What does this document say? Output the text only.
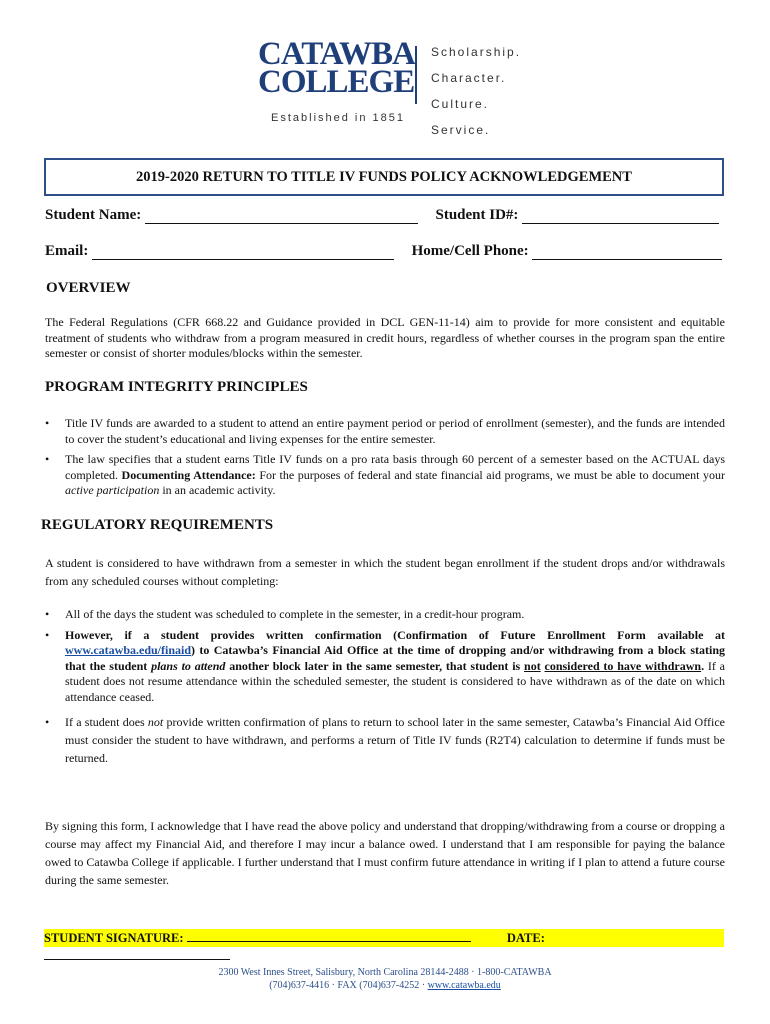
CATAWBA
COLLEGE
Established in 1851
Scholarship.
Character.
Culture.
Service.
2019-2020 RETURN TO TITLE IV FUNDS POLICY ACKNOWLEDGEMENT
Student Name:	Student ID#:
Email:	Home/Cell Phone:
OVERVIEW
The Federal Regulations (CFR 668.22 and Guidance provided in DCL GEN-11-14) aim to provide for more consistent and equitable treatment of students who withdraw from a program measured in credit hours, regardless of whether courses in the program span the entire semester or consist of shorter modules/blocks within the semester.
PROGRAM INTEGRITY PRINCIPLES
• Title IV funds are awarded to a student to attend an entire payment period or period of enrollment (semester), and the funds are intended to cover the student’s educational and living expenses for the entire semester.
• The law specifies that a student earns Title IV funds on a pro rata basis through 60 percent of a semester based on the ACTUAL days completed. Documenting Attendance: For the purposes of federal and state financial aid programs, we must be able to document your active participation in an academic activity.
REGULATORY REQUIREMENTS
A student is considered to have withdrawn from a semester in which the student began enrollment if the student drops and/or withdrawals from any scheduled courses without completing:
• All of the days the student was scheduled to complete in the semester, in a credit-hour program.
• However, if a student provides written confirmation (Confirmation of Future Enrollment Form available at www.catawba.edu/finaid) to Catawba’s Financial Aid Office at the time of dropping and/or withdrawing from a block stating that the student plans to attend another block later in the same semester, that student is not considered to have withdrawn. If a student does not resume attendance within the scheduled semester, the student is considered to have withdrawn as of the date on which attendance ceased.
• If a student does not provide written confirmation of plans to return to school later in the same semester, Catawba’s Financial Aid Office must consider the student to have withdrawn, and performs a return of Title IV funds (R2T4) calculation to determine if funds must be returned.
By signing this form, I acknowledge that I have read the above policy and understand that dropping/withdrawing from a course or dropping a course may affect my Financial Aid, and therefore I may incur a balance owed. I understand that I am responsible for paying the balance owed to Catawba College if applicable. I further understand that I must confirm future attendance in writing if I plan to attend a future course during the same semester.
STUDENT SIGNATURE:	DATE:
2300 West Innes Street, Salisbury, North Carolina 28144-2488 · 1-800-CATAWBA
(704)637-4416 · FAX (704)637-4252 · www.catawba.edu
